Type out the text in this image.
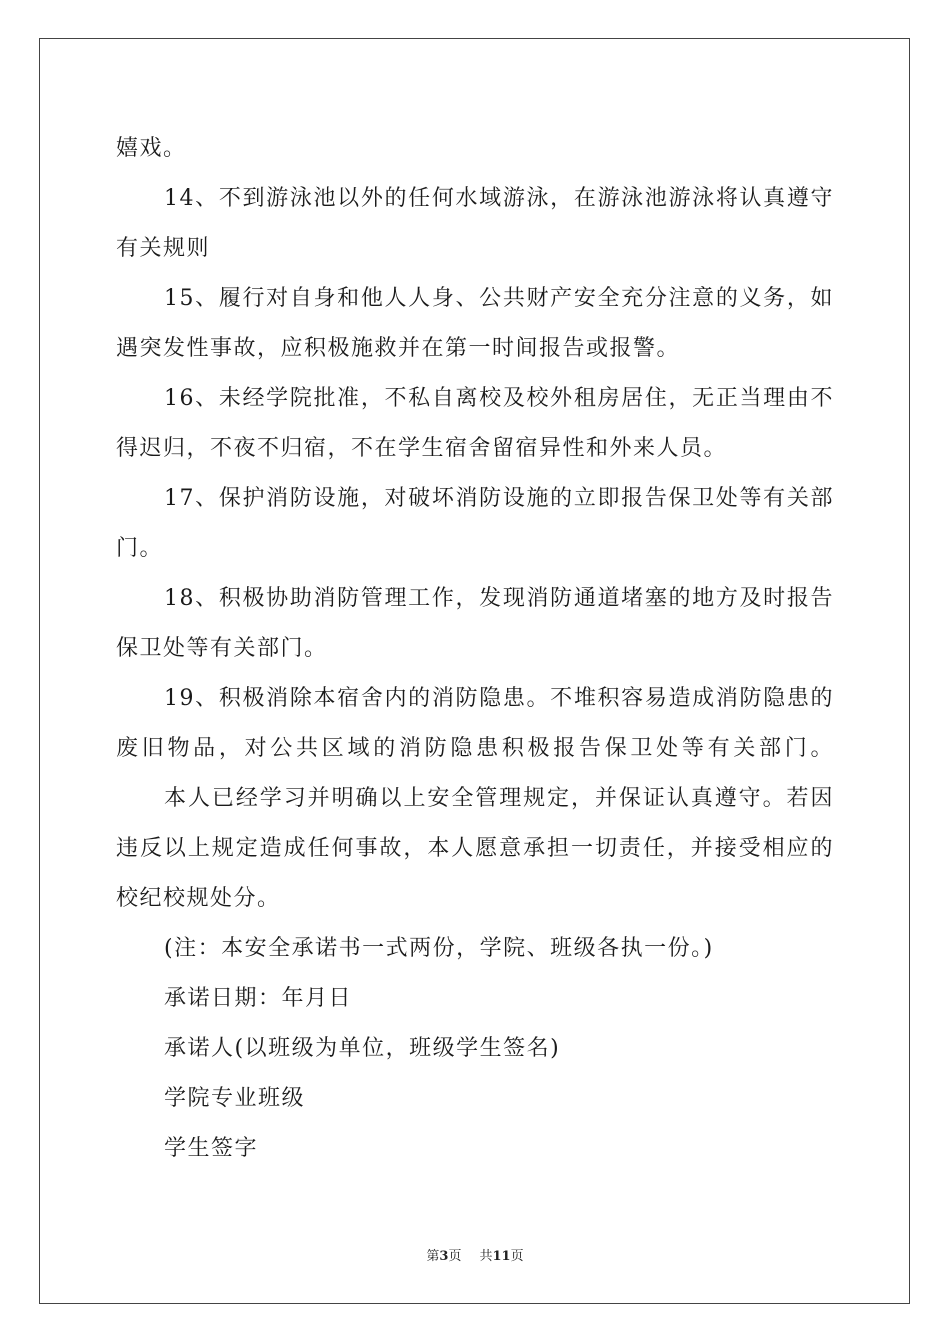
嬉戏。
14、不到游泳池以外的任何水域游泳，在游泳池游泳将认真遵守
有关规则
15、履行对自身和他人人身、公共财产安全充分注意的义务，如
遇突发性事故，应积极施救并在第一时间报告或报警。
16、未经学院批准，不私自离校及校外租房居住，无正当理由不
得迟归，不夜不归宿，不在学生宿舍留宿异性和外来人员。
17、保护消防设施，对破坏消防设施的立即报告保卫处等有关部
门。
18、积极协助消防管理工作，发现消防通道堵塞的地方及时报告
保卫处等有关部门。
19、积极消除本宿舍内的消防隐患。不堆积容易造成消防隐患的
废旧物品，对公共区域的消防隐患积极报告保卫处等有关部门。
本人已经学习并明确以上安全管理规定，并保证认真遵守。若因
违反以上规定造成任何事故，本人愿意承担一切责任，并接受相应的
校纪校规处分。
(注：本安全承诺书一式两份，学院、班级各执一份。)
承诺日期：年月日
承诺人(以班级为单位，班级学生签名)
学院专业班级
学生签字
第3页 共11页
